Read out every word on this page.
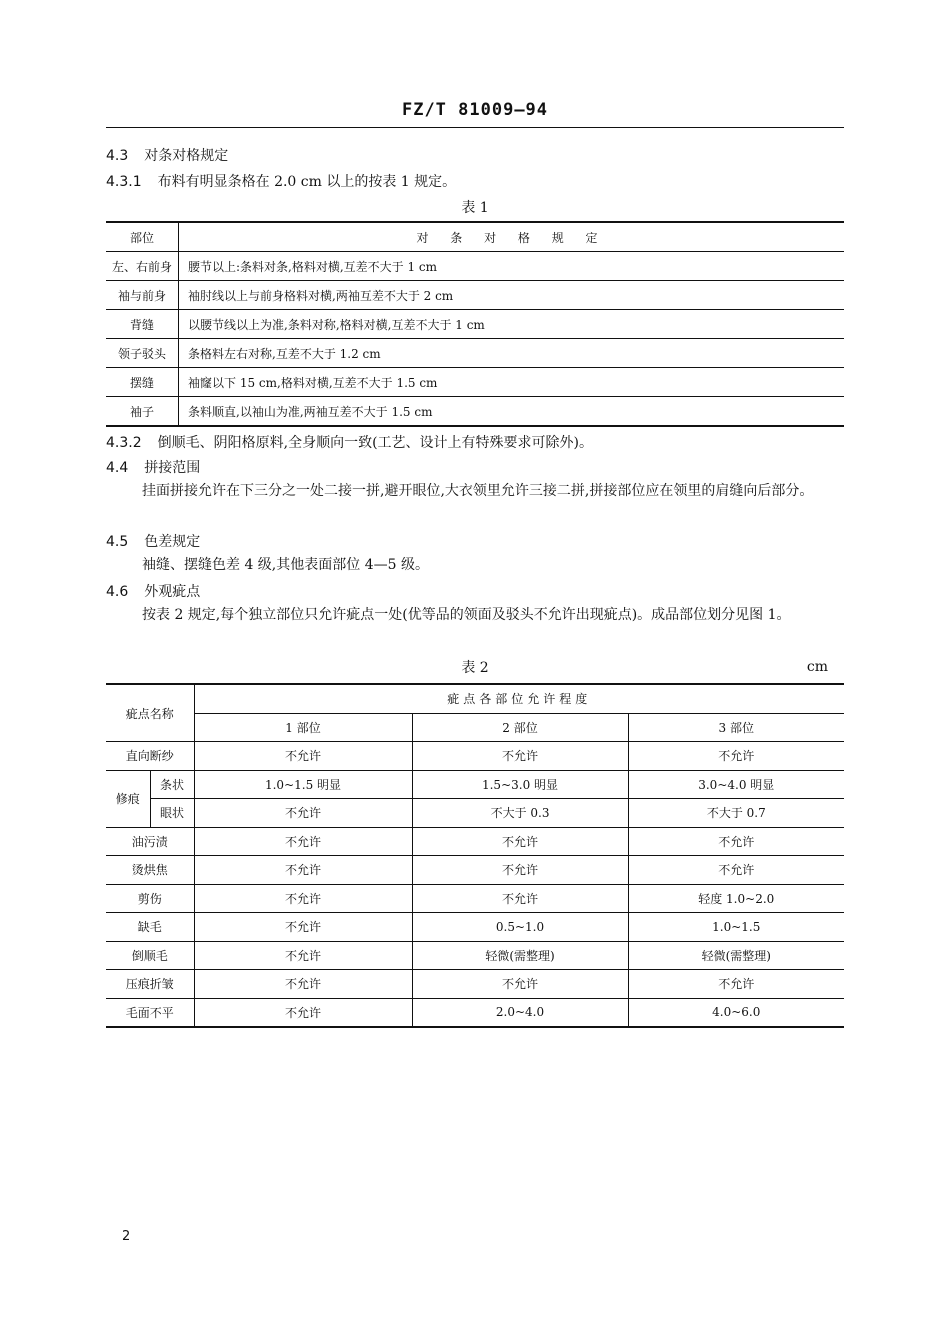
FZ/T 81009—94
4.3 对条对格规定
4.3.1 布料有明显条格在 2.0 cm 以上的按表 1 规定。
表 1
部位	对 条 对 格 规 定
左、右前身	腰节以上:条料对条,格料对横,互差不大于 1 cm
袖与前身	袖肘线以上与前身格料对横,两袖互差不大于 2 cm
背缝	以腰节线以上为准,条料对称,格料对横,互差不大于 1 cm
领子驳头	条格料左右对称,互差不大于 1.2 cm
摆缝	袖窿以下 15 cm,格料对横,互差不大于 1.5 cm
袖子	条料顺直,以袖山为准,两袖互差不大于 1.5 cm
4.3.2 倒顺毛、阴阳格原料,全身顺向一致(工艺、设计上有特殊要求可除外)。
4.4 拼接范围
挂面拼接允许在下三分之一处二接一拼,避开眼位,大衣领里允许三接二拼,拼接部位应在领里的肩缝向后部分。
4.5 色差规定
袖缝、摆缝色差 4 级,其他表面部位 4—5 级。
4.6 外观疵点
按表 2 规定,每个独立部位只允许疵点一处(优等品的领面及驳头不允许出现疵点)。成品部位划分见图 1。
表 2	cm
疵点名称		疵点各部位允许程度		
		1 部位	2 部位	3 部位
直向断纱		不允许	不允许	不允许
修痕	条状	1.0~1.5 明显	1.5~3.0 明显	3.0~4.0 明显
	眼状	不允许	不大于 0.3	不大于 0.7
油污渍		不允许	不允许	不允许
烫烘焦		不允许	不允许	不允许
剪伤		不允许	不允许	轻度 1.0~2.0
缺毛		不允许	0.5~1.0	1.0~1.5
倒顺毛		不允许	轻微(需整理)	轻微(需整理)
压痕折皱		不允许	不允许	不允许
毛面不平		不允许	2.0~4.0	4.0~6.0
2
